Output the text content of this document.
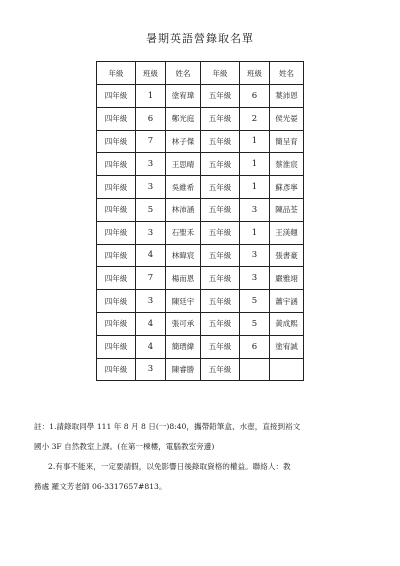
暑期英語營錄取名單
年級	班級	姓名	年級	班級	姓名
四年級	1	塗宥瑋	五年級	6	葉沛恩
四年級	6	鄭光庭	五年級	2	侯光晏
四年級	7	林子傑	五年級	1	簡呈育
四年級	3	王思晴	五年級	1	蔡淮宸
四年級	3	吳維希	五年級	1	蘇彥寧
四年級	5	林沛涵	五年級	3	陳品荃
四年級	3	石聖禾	五年級	1	王渼翹
四年級	4	林暐宸	五年級	3	張書豪
四年級	7	楊而恩	五年級	3	嚴雅翊
四年級	3	陳廷宇	五年級	5	蕭宇涵
四年級	4	張可承	五年級	5	黃成熙
四年級	4	簡瑨緯	五年級	6	塗宥誠
四年級	3	陳睿勝	五年級		

註：1.請錄取同學 111 年 8 月 8 日(一)8:40，攜帶鉛筆盒、水壺，直接到裕文

國小 3F 自然教室上課。(在第一棟樓，電腦教室旁邊)

2.有事不能來，一定要請假，以免影響日後錄取資格的權益。聯絡人：教

務處 羅文芳老師 06-3317657#813。
